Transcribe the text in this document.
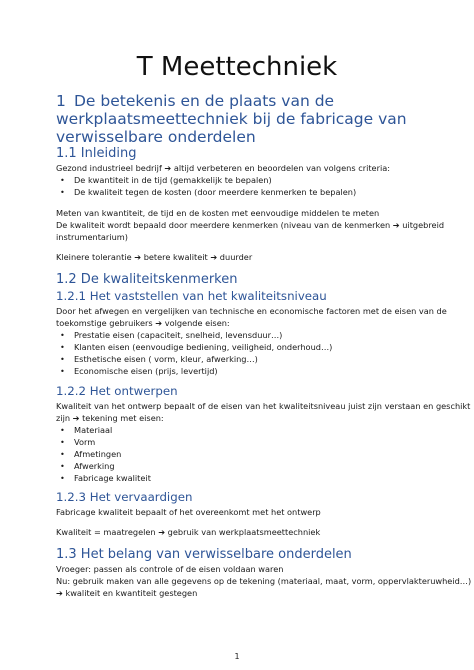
T Meettechniek
1 De betekenis en de plaats van de
werkplaatsmeettechniek bij de fabricage van
verwisselbare onderdelen
1.1 Inleiding
Gezond industrieel bedrijf ➔ altijd verbeteren en beoordelen van volgens criteria:
• De kwantiteit in de tijd (gemakkelijk te bepalen)
• De kwaliteit tegen de kosten (door meerdere kenmerken te bepalen)
Meten van kwantiteit, de tijd en de kosten met eenvoudige middelen te meten
De kwaliteit wordt bepaald door meerdere kenmerken (niveau van de kenmerken ➔ uitgebreid
instrumentarium)
Kleinere tolerantie ➔ betere kwaliteit ➔ duurder
1.2 De kwaliteitskenmerken
1.2.1 Het vaststellen van het kwaliteitsniveau
Door het afwegen en vergelijken van technische en economische factoren met de eisen van de
toekomstige gebruikers ➔ volgende eisen:
• Prestatie eisen (capaciteit, snelheid, levensduur…)
• Klanten eisen (eenvoudige bediening, veiligheid, onderhoud…)
• Esthetische eisen ( vorm, kleur, afwerking…)
• Economische eisen (prijs, levertijd)
1.2.2 Het ontwerpen
Kwaliteit van het ontwerp bepaalt of de eisen van het kwaliteitsniveau juist zijn verstaan en geschikt
zijn ➔ tekening met eisen:
• Materiaal
• Vorm
• Afmetingen
• Afwerking
• Fabricage kwaliteit
1.2.3 Het vervaardigen
Fabricage kwaliteit bepaalt of het overeenkomt met het ontwerp
Kwaliteit = maatregelen ➔ gebruik van werkplaatsmeettechniek
1.3 Het belang van verwisselbare onderdelen
Vroeger: passen als controle of de eisen voldaan waren
Nu: gebruik maken van alle gegevens op de tekening (materiaal, maat, vorm, oppervlakteruwheid…)
➔ kwaliteit en kwantiteit gestegen
1
